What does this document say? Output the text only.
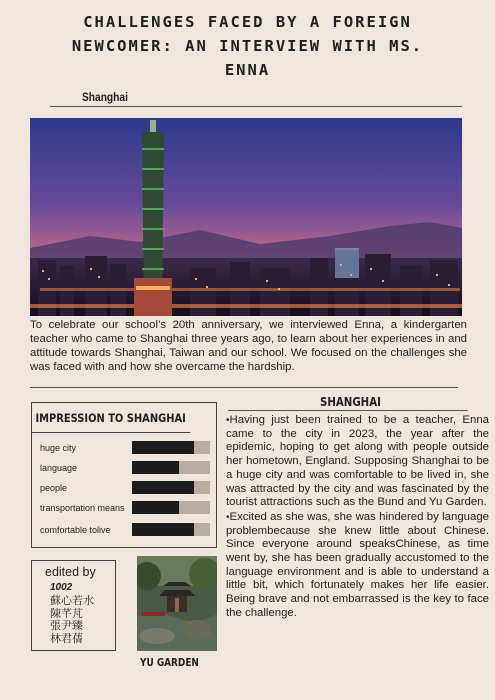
CHALLENGES FACED BY A FOREIGN NEWCOMER: AN INTERVIEW WITH MS. ENNA
Shanghai
To celebrate our school’s 20th anniversary, we interviewed Enna, a kindergarten teacher who came to Shanghai three years ago, to learn about her experiences in and attitude towards Shanghai, Taiwan and our school. We focused on the challenges she was faced with and how she overcame the hardship.
IMPRESSION TO SHANGHAI
huge city
language
people
transportation means
comfortable tolive
edited by
1002
蘇心若水
陳芊芃
張尹臻
林君蒨
YU GARDEN
SHANGHAI

•Having just been trained to be a teacher, Enna came to the city in 2023, the year after the epidemic, hoping to get along with people outside her hometown, England. Supposing Shanghai to be a huge city and was comfortable to be lived in, she was attracted by the city and was fascinated by the tourist attractions such as the Bund and Yu Garden.

•Excited as she was, she was hindered by language problembecause she knew little about Chinese. Since everyone around speaksChinese, as time went by, she has been gradually accustomed to the language environment and is able to understand a little bit, which fortunately makes her life easier. Being brave and not embarrassed is the key to face the challenge.
